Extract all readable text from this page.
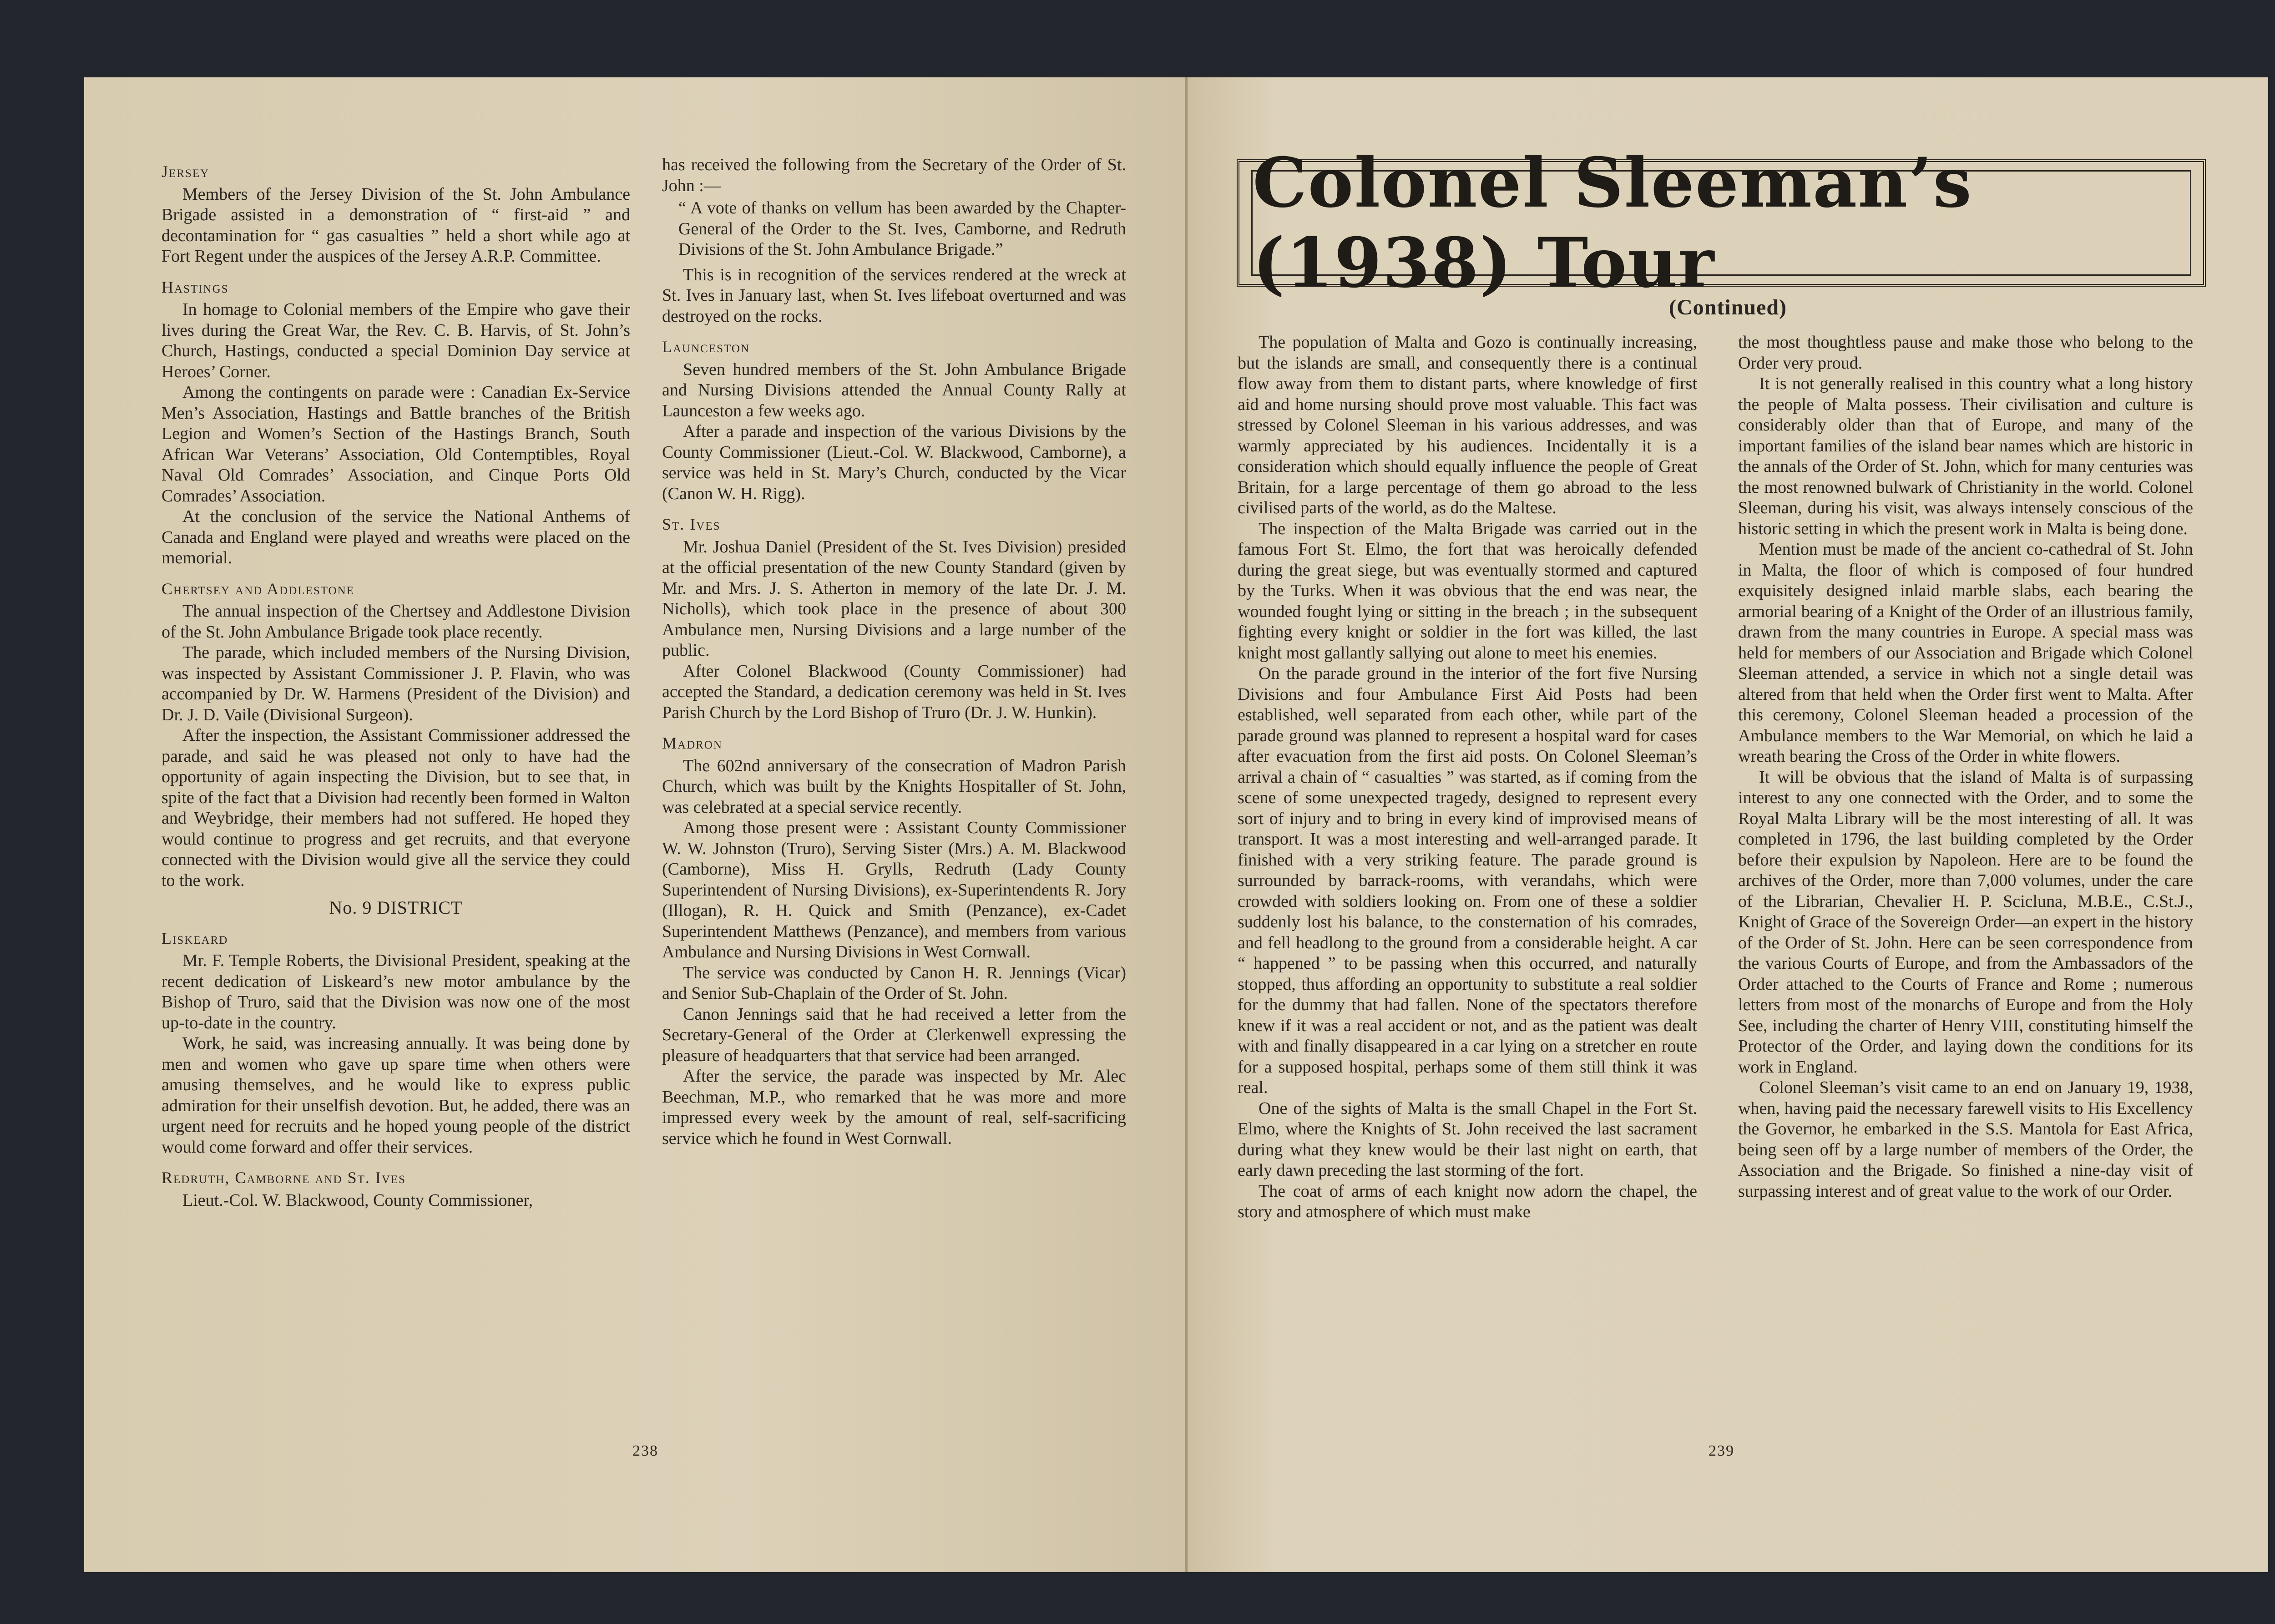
Jersey

Members of the Jersey Division of the St. John Ambulance Brigade assisted in a demonstration of “ first-aid ” and decontamination for “ gas casualties ” held a short while ago at Fort Regent under the auspices of the Jersey A.R.P. Committee.

Hastings

In homage to Colonial members of the Empire who gave their lives during the Great War, the Rev. C. B. Harvis, of St. John’s Church, Hastings, conducted a special Dominion Day service at Heroes’ Corner.

Among the contingents on parade were : Canadian Ex-Service Men’s Association, Hastings and Battle branches of the British Legion and Women’s Section of the Hastings Branch, South African War Veterans’ Association, Old Contemptibles, Royal Naval Old Comrades’ Association, and Cinque Ports Old Comrades’ Association.

At the conclusion of the service the National Anthems of Canada and England were played and wreaths were placed on the memorial.

Chertsey and Addlestone

The annual inspection of the Chertsey and Addlestone Division of the St. John Ambulance Brigade took place recently.

The parade, which included members of the Nursing Division, was inspected by Assistant Commissioner J. P. Flavin, who was accompanied by Dr. W. Harmens (President of the Division) and Dr. J. D. Vaile (Divisional Surgeon).

After the inspection, the Assistant Commissioner addressed the parade, and said he was pleased not only to have had the opportunity of again inspecting the Division, but to see that, in spite of the fact that a Division had recently been formed in Walton and Weybridge, their members had not suffered. He hoped they would continue to progress and get recruits, and that everyone connected with the Division would give all the service they could to the work.

No. 9 DISTRICT
Liskeard

Mr. F. Temple Roberts, the Divisional President, speaking at the recent dedication of Liskeard’s new motor ambulance by the Bishop of Truro, said that the Division was now one of the most up-to-date in the country.

Work, he said, was increasing annually. It was being done by men and women who gave up spare time when others were amusing themselves, and he would like to express public admiration for their unselfish devotion. But, he added, there was an urgent need for recruits and he hoped young people of the district would come forward and offer their services.

Redruth, Camborne and St. Ives

Lieut.-Col. W. Blackwood, County Commissioner,

has received the following from the Secretary of the Order of St. John :—

“ A vote of thanks on vellum has been awarded by the Chapter-General of the Order to the St. Ives, Camborne, and Redruth Divisions of the St. John Ambulance Brigade.”

This is in recognition of the services rendered at the wreck at St. Ives in January last, when St. Ives lifeboat overturned and was destroyed on the rocks.

Launceston

Seven hundred members of the St. John Ambulance Brigade and Nursing Divisions attended the Annual County Rally at Launceston a few weeks ago.

After a parade and inspection of the various Divisions by the County Commissioner (Lieut.-Col. W. Blackwood, Camborne), a service was held in St. Mary’s Church, conducted by the Vicar (Canon W. H. Rigg).

St. Ives

Mr. Joshua Daniel (President of the St. Ives Division) presided at the official presentation of the new County Standard (given by Mr. and Mrs. J. S. Atherton in memory of the late Dr. J. M. Nicholls), which took place in the presence of about 300 Ambulance men, Nursing Divisions and a large number of the public.

After Colonel Blackwood (County Commissioner) had accepted the Standard, a dedication ceremony was held in St. Ives Parish Church by the Lord Bishop of Truro (Dr. J. W. Hunkin).

Madron

The 602nd anniversary of the consecration of Madron Parish Church, which was built by the Knights Hospitaller of St. John, was celebrated at a special service recently.

Among those present were : Assistant County Commissioner W. W. Johnston (Truro), Serving Sister (Mrs.) A. M. Blackwood (Camborne), Miss H. Grylls, Redruth (Lady County Superintendent of Nursing Divisions), ex-Superintendents R. Jory (Illogan), R. H. Quick and Smith (Penzance), ex-Cadet Superintendent Matthews (Penzance), and members from various Ambulance and Nursing Divisions in West Cornwall.

The service was conducted by Canon H. R. Jennings (Vicar) and Senior Sub-Chaplain of the Order of St. John.

Canon Jennings said that he had received a letter from the Secretary-General of the Order at Clerkenwell expressing the pleasure of headquarters that that service had been arranged.

After the service, the parade was inspected by Mr. Alec Beechman, M.P., who remarked that he was more and more impressed every week by the amount of real, self-sacrificing service which he found in West Cornwall.

238
Colonel Sleeman’s (1938) Tour
(Continued)

The population of Malta and Gozo is continually increasing, but the islands are small, and consequently there is a continual flow away from them to distant parts, where knowledge of first aid and home nursing should prove most valuable. This fact was stressed by Colonel Sleeman in his various addresses, and was warmly appreciated by his audiences. Incidentally it is a consideration which should equally influence the people of Great Britain, for a large percentage of them go abroad to the less civilised parts of the world, as do the Maltese.

The inspection of the Malta Brigade was carried out in the famous Fort St. Elmo, the fort that was heroically defended during the great siege, but was eventually stormed and captured by the Turks. When it was obvious that the end was near, the wounded fought lying or sitting in the breach ; in the subsequent fighting every knight or soldier in the fort was killed, the last knight most gallantly sallying out alone to meet his enemies.

On the parade ground in the interior of the fort five Nursing Divisions and four Ambulance First Aid Posts had been established, well separated from each other, while part of the parade ground was planned to represent a hospital ward for cases after evacuation from the first aid posts. On Colonel Sleeman’s arrival a chain of “ casualties ” was started, as if coming from the scene of some unexpected tragedy, designed to represent every sort of injury and to bring in every kind of improvised means of transport. It was a most interesting and well-arranged parade. It finished with a very striking feature. The parade ground is surrounded by barrack-rooms, with verandahs, which were crowded with soldiers looking on. From one of these a soldier suddenly lost his balance, to the consternation of his comrades, and fell headlong to the ground from a considerable height. A car “ happened ” to be passing when this occurred, and naturally stopped, thus affording an opportunity to substitute a real soldier for the dummy that had fallen. None of the spectators therefore knew if it was a real accident or not, and as the patient was dealt with and finally disappeared in a car lying on a stretcher en route for a supposed hospital, perhaps some of them still think it was real.

One of the sights of Malta is the small Chapel in the Fort St. Elmo, where the Knights of St. John received the last sacrament during what they knew would be their last night on earth, that early dawn preceding the last storming of the fort.

The coat of arms of each knight now adorn the chapel, the story and atmosphere of which must make

the most thoughtless pause and make those who belong to the Order very proud.

It is not generally realised in this country what a long history the people of Malta possess. Their civilisation and culture is considerably older than that of Europe, and many of the important families of the island bear names which are historic in the annals of the Order of St. John, which for many centuries was the most renowned bulwark of Christianity in the world. Colonel Sleeman, during his visit, was always intensely conscious of the historic setting in which the present work in Malta is being done.

Mention must be made of the ancient co-cathedral of St. John in Malta, the floor of which is composed of four hundred exquisitely designed inlaid marble slabs, each bearing the armorial bearing of a Knight of the Order of an illustrious family, drawn from the many countries in Europe. A special mass was held for members of our Association and Brigade which Colonel Sleeman attended, a service in which not a single detail was altered from that held when the Order first went to Malta. After this ceremony, Colonel Sleeman headed a procession of the Ambulance members to the War Memorial, on which he laid a wreath bearing the Cross of the Order in white flowers.

It will be obvious that the island of Malta is of surpassing interest to any one connected with the Order, and to some the Royal Malta Library will be the most interesting of all. It was completed in 1796, the last building completed by the Order before their expulsion by Napoleon. Here are to be found the archives of the Order, more than 7,000 volumes, under the care of the Librarian, Chevalier H. P. Scicluna, M.B.E., C.St.J., Knight of Grace of the Sovereign Order—an expert in the history of the Order of St. John. Here can be seen correspondence from the various Courts of Europe, and from the Ambassadors of the Order attached to the Courts of France and Rome ; numerous letters from most of the monarchs of Europe and from the Holy See, including the charter of Henry VIII, constituting himself the Protector of the Order, and laying down the conditions for its work in England.

Colonel Sleeman’s visit came to an end on January 19, 1938, when, having paid the necessary farewell visits to His Excellency the Governor, he embarked in the S.S. Mantola for East Africa, being seen off by a large number of members of the Order, the Association and the Brigade. So finished a nine-day visit of surpassing interest and of great value to the work of our Order.

239
